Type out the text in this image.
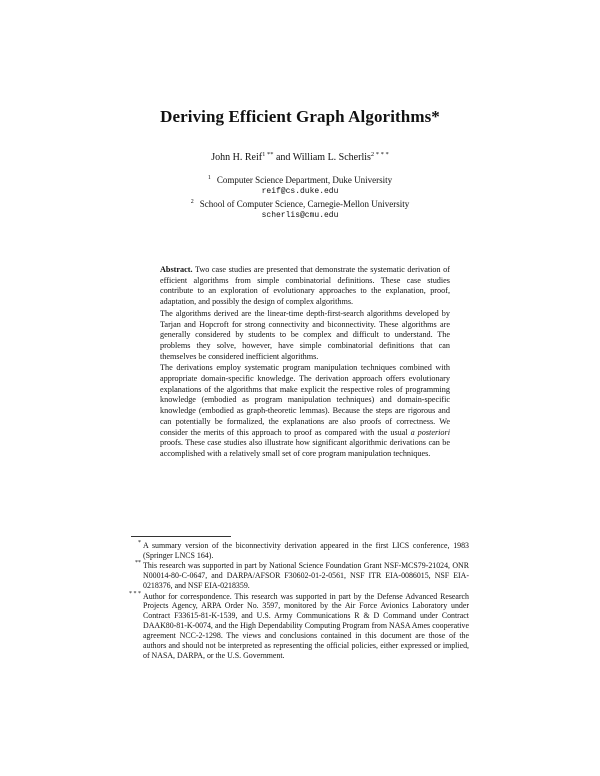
Deriving Efficient Graph Algorithms*
John H. Reif$^{1 **}$ and William L. Scherlis$^{2 * * *}$
$^1$ Computer Science Department, Duke University
reif@cs.duke.edu
$^2$ School of Computer Science, Carnegie-Mellon University
scherlis@cmu.edu

Abstract. Two case studies are presented that demonstrate the systematic derivation of efficient algorithms from simple combinatorial definitions. These case studies contribute to an exploration of evolutionary approaches to the explanation, proof, adaptation, and possibly the design of complex algorithms.

The algorithms derived are the linear-time depth-first-search algorithms developed by Tarjan and Hopcroft for strong connectivity and biconnectivity. These algorithms are generally considered by students to be complex and difficult to understand. The problems they solve, however, have simple combinatorial definitions that can themselves be considered inefficient algorithms.

The derivations employ systematic program manipulation techniques combined with appropriate domain-specific knowledge. The derivation approach offers evolutionary explanations of the algorithms that make explicit the respective roles of programming knowledge (embodied as program manipulation techniques) and domain-specific knowledge (embodied as graph-theoretic lemmas). Because the steps are rigorous and can potentially be formalized, the explanations are also proofs of correctness. We consider the merits of this approach to proof as compared with the usual a posteriori proofs. These case studies also illustrate how significant algorithmic derivations can be accomplished with a relatively small set of core program manipulation techniques.

* A summary version of the biconnectivity derivation appeared in the first LICS conference, 1983 (Springer LNCS 164).
** This research was supported in part by National Science Foundation Grant NSF-MCS79-21024, ONR N00014-80-C-0647, and DARPA/AFSOR F30602-01-2-0561, NSF ITR EIA-0086015, NSF EIA-0218376, and NSF EIA-0218359.
* * * Author for correspondence. This research was supported in part by the Defense Advanced Research Projects Agency, ARPA Order No. 3597, monitored by the Air Force Avionics Laboratory under Contract F33615-81-K-1539, and U.S. Army Communications R & D Command under Contract DAAK80-81-K-0074, and the High Dependability Computing Program from NASA Ames cooperative agreement NCC-2-1298. The views and conclusions contained in this document are those of the authors and should not be interpreted as representing the official policies, either expressed or implied, of NASA, DARPA, or the U.S. Government.
